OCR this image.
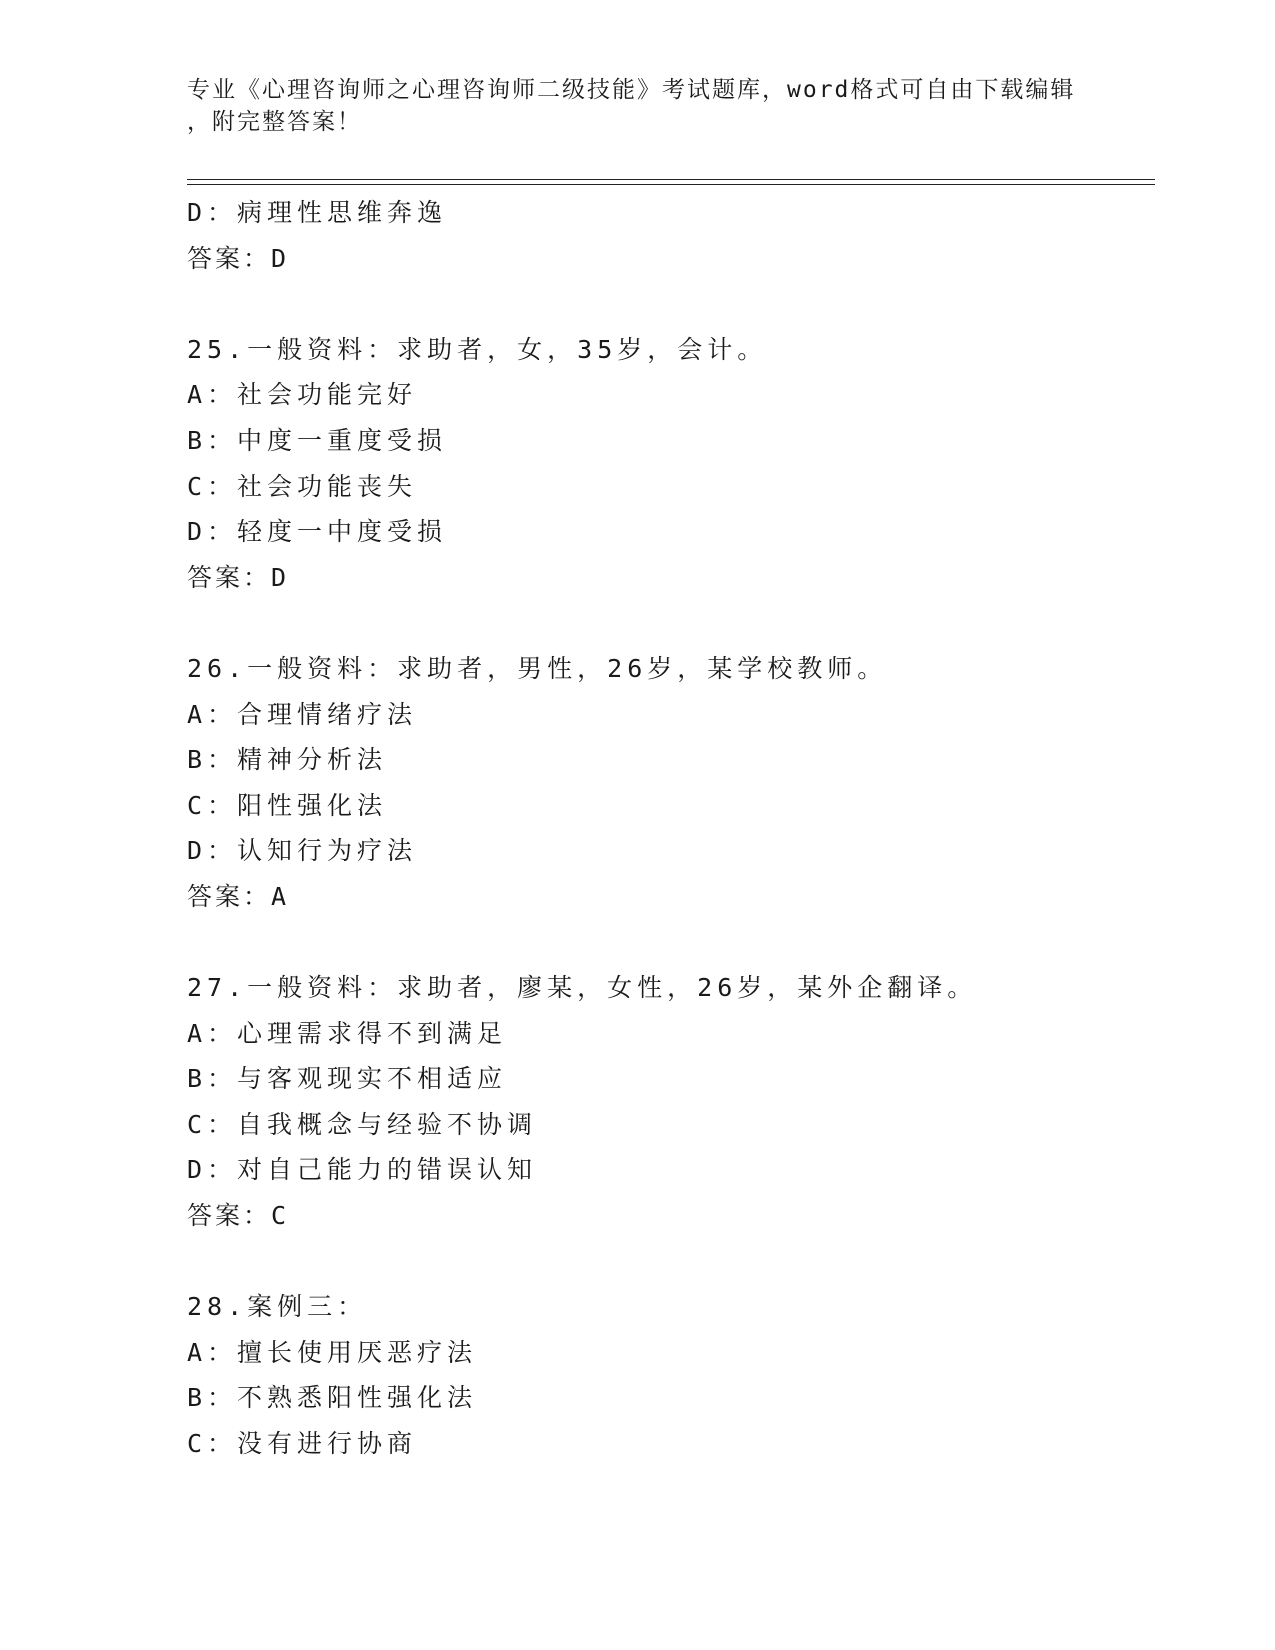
专业《心理咨询师之心理咨询师二级技能》考试题库，word格式可自由下载编辑
，附完整答案！
D：病理性思维奔逸
答案：D
25.一般资料：求助者，女，35岁，会计。
A：社会功能完好
B：中度一重度受损
C：社会功能丧失
D：轻度一中度受损
答案：D
26.一般资料：求助者，男性，26岁，某学校教师。
A：合理情绪疗法
B：精神分析法
C：阳性强化法
D：认知行为疗法
答案：A
27.一般资料：求助者，廖某，女性，26岁，某外企翻译。
A：心理需求得不到满足
B：与客观现实不相适应
C：自我概念与经验不协调
D：对自己能力的错误认知
答案：C
28.案例三：
A：擅长使用厌恶疗法
B：不熟悉阳性强化法
C：没有进行协商
